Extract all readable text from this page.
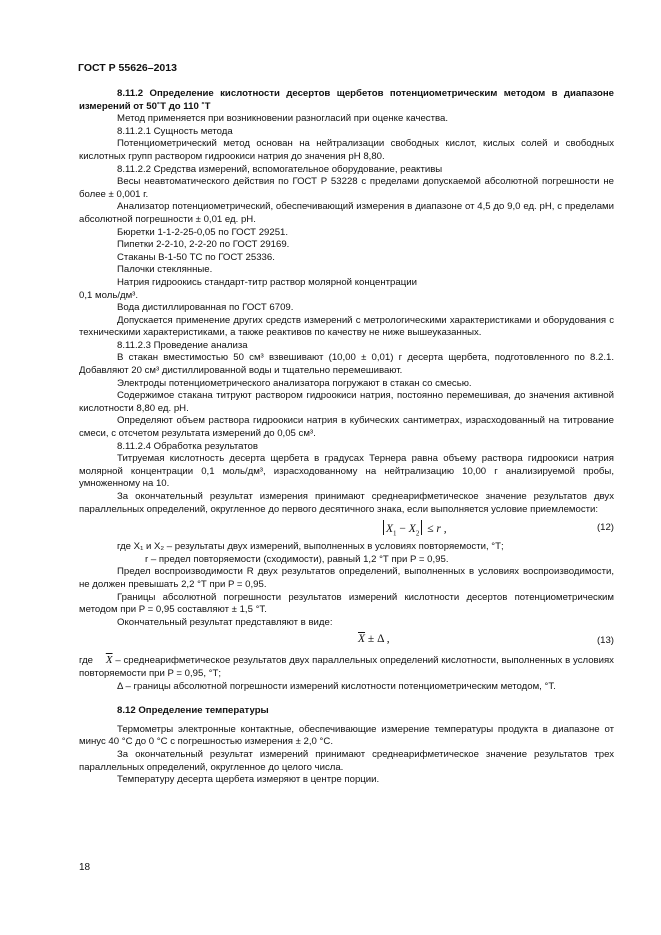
ГОСТ Р 55626–2013

8.11.2 Определение кислотности десертов щербетов потенциометрическим методом в диапазоне измерений от 50˚Т до 110 ˚Т

Метод применяется при возникновении разногласий при оценке качества.

8.11.2.1 Сущность метода

Потенциометрический метод основан на нейтрализации свободных кислот, кислых солей и свободных кислотных групп раствором гидроокиси натрия до значения pH 8,80.

8.11.2.2 Средства измерений, вспомогательное оборудование, реактивы

Весы неавтоматического действия по ГОСТ Р 53228 с пределами допускаемой абсолютной погрешности не более ± 0,001 г.

Анализатор потенциометрический, обеспечивающий измерения в диапазоне от 4,5 до 9,0 ед. pH, с пределами абсолютной погрешности ± 0,01 ед. pH.

Бюретки 1-1-2-25-0,05 по ГОСТ 29251.

Пипетки 2-2-10, 2-2-20 по ГОСТ 29169.

Стаканы В-1-50 ТС по ГОСТ 25336.

Палочки стеклянные.

Натрия гидроокись стандарт-титр раствор молярной концентрации

0,1 моль/дм³.

Вода дистиллированная по ГОСТ 6709.

Допускается применение других средств измерений с метрологическими характеристиками и оборудования с техническими характеристиками, а также реактивов по качеству не ниже вышеуказанных.

8.11.2.3 Проведение анализа

В стакан вместимостью 50 см³ взвешивают (10,00 ± 0,01) г десерта щербета, подготовленного по 8.2.1. Добавляют 20 см³ дистиллированной воды и тщательно перемешивают.

Электроды потенциометрического анализатора погружают в стакан со смесью.

Содержимое стакана титруют раствором гидроокиси натрия, постоянно перемешивая, до значения активной кислотности 8,80 ед. pH.

Определяют объем раствора гидроокиси натрия в кубических сантиметрах, израсходованный на титрование смеси, с отсчетом результата измерений до 0,05 см³.

8.11.2.4 Обработка результатов

Титруемая кислотность десерта щербета в градусах Тернера равна объему раствора гидроокиси натрия молярной концентрации 0,1 моль/дм³, израсходованному на нейтрализацию 10,00 г анализируемой пробы, умноженному на 10.

За окончательный результат измерения принимают среднеарифметическое значение результатов двух параллельных определений, округленное до первого десятичного знака, если выполняется условие приемлемости:

$X_1 - X_2 \le r$ ,	(12)

где X₁ и X₂ – результаты двух измерений, выполненных в условиях повторяемости, °Т;

r – предел повторяемости (сходимости), равный 1,2 °Т при P = 0,95.

Предел воспроизводимости R двух результатов определений, выполненных в условиях воспроизводимости, не должен превышать 2,2 °Т при P = 0,95.

Границы абсолютной погрешности результатов измерений кислотности десертов потенциометрическим методом при P = 0,95 составляют ± 1,5 °Т.

Окончательный результат представляют в виде:

$\overline{X} \pm \Delta$ ,	(13)

где $\overline{X}$ – среднеарифметическое результатов двух параллельных определений кислотности, выполненных в условиях повторяемости при P = 0,95, °Т;

Δ – границы абсолютной погрешности измерений кислотности потенциометрическим методом, °Т.

8.12 Определение температуры

Термометры электронные контактные, обеспечивающие измерение температуры продукта в диапазоне от минус 40 °С до 0 °С с погрешностью измерения ± 2,0 °С.

За окончательный результат измерений принимают среднеарифметическое значение результатов трех параллельных определений, округленное до целого числа.

Температуру десерта щербета измеряют в центре порции.

18
